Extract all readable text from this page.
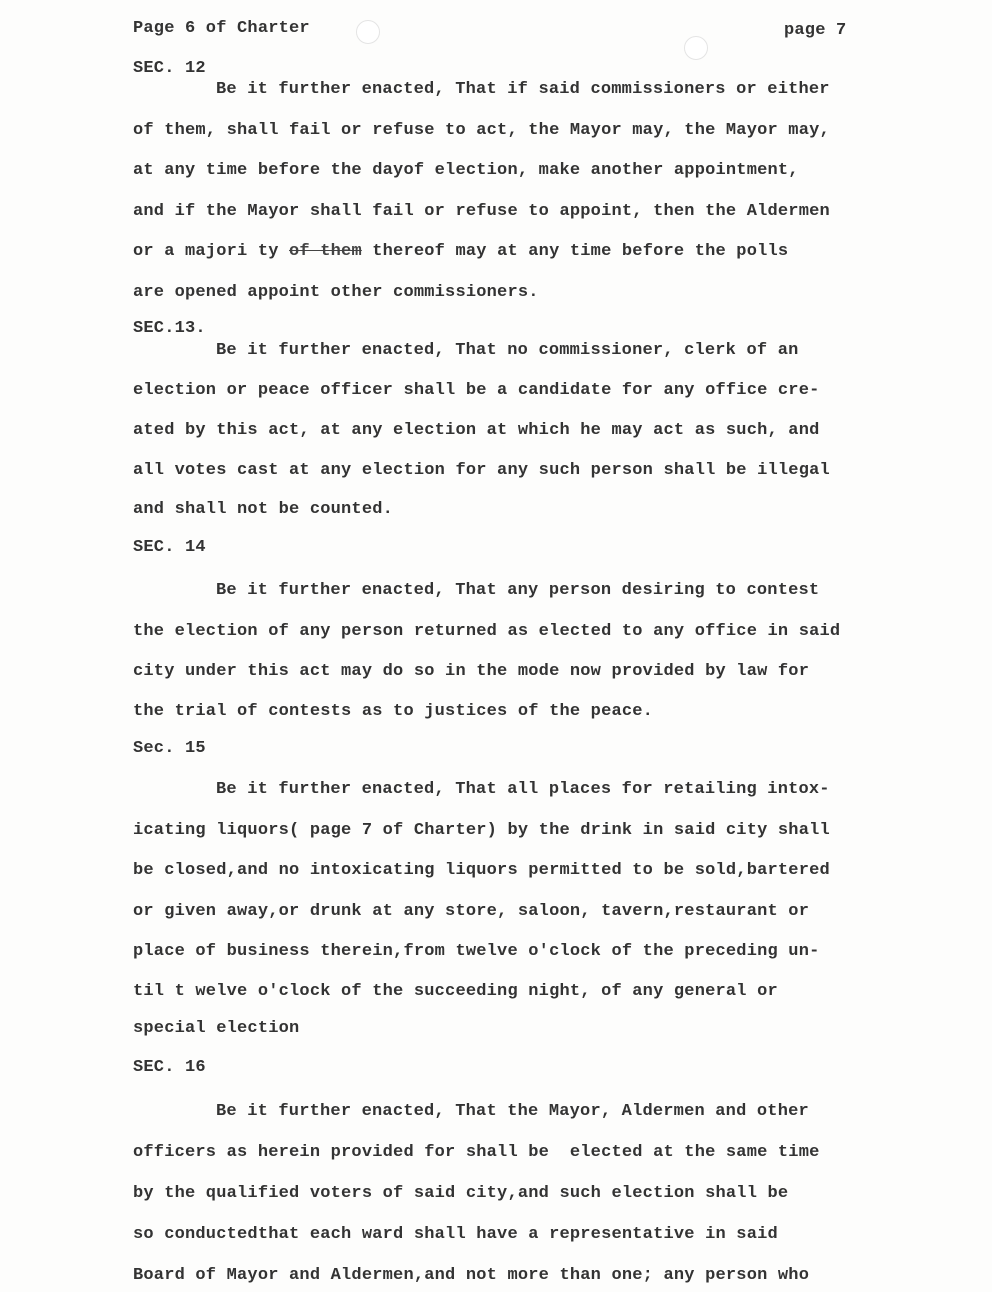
Page 6 of Charter	page 7
SEC. 12
Be it further enacted, That if said commissioners or either
of them, shall fail or refuse to act, the Mayor may, the Mayor may,
at any time before the dayof election, make another appointment,
and if the Mayor shall fail or refuse to appoint, then the Aldermen
or a majori ty of them thereof may at any time before the polls
are opened appoint other commissioners.
SEC.13.
Be it further enacted, That no commissioner, clerk of an
election or peace officer shall be a candidate for any office cre-
ated by this act, at any election at which he may act as such, and
all votes cast at any election for any such person shall be illegal
and shall not be counted.
SEC. 14
Be it further enacted, That any person desiring to contest
the election of any person returned as elected to any office in said
city under this act may do so in the mode now provided by law for
the trial of contests as to justices of the peace.
Sec. 15
Be it further enacted, That all places for retailing intox-
icating liquors( page 7 of Charter) by the drink in said city shall
be closed,and no intoxicating liquors permitted to be sold,bartered
or given away,or drunk at any store, saloon, tavern,restaurant or
place of business therein,from twelve o'clock of the preceding un-
til t welve o'clock of the succeeding night, of any general or
special election
SEC. 16
Be it further enacted, That the Mayor, Aldermen and other
officers as herein provided for shall be  elected at the same time
by the qualified voters of said city,and such election shall be
so conductedthat each ward shall have a representative in said
Board of Mayor and Aldermen,and not more than one; any person who
